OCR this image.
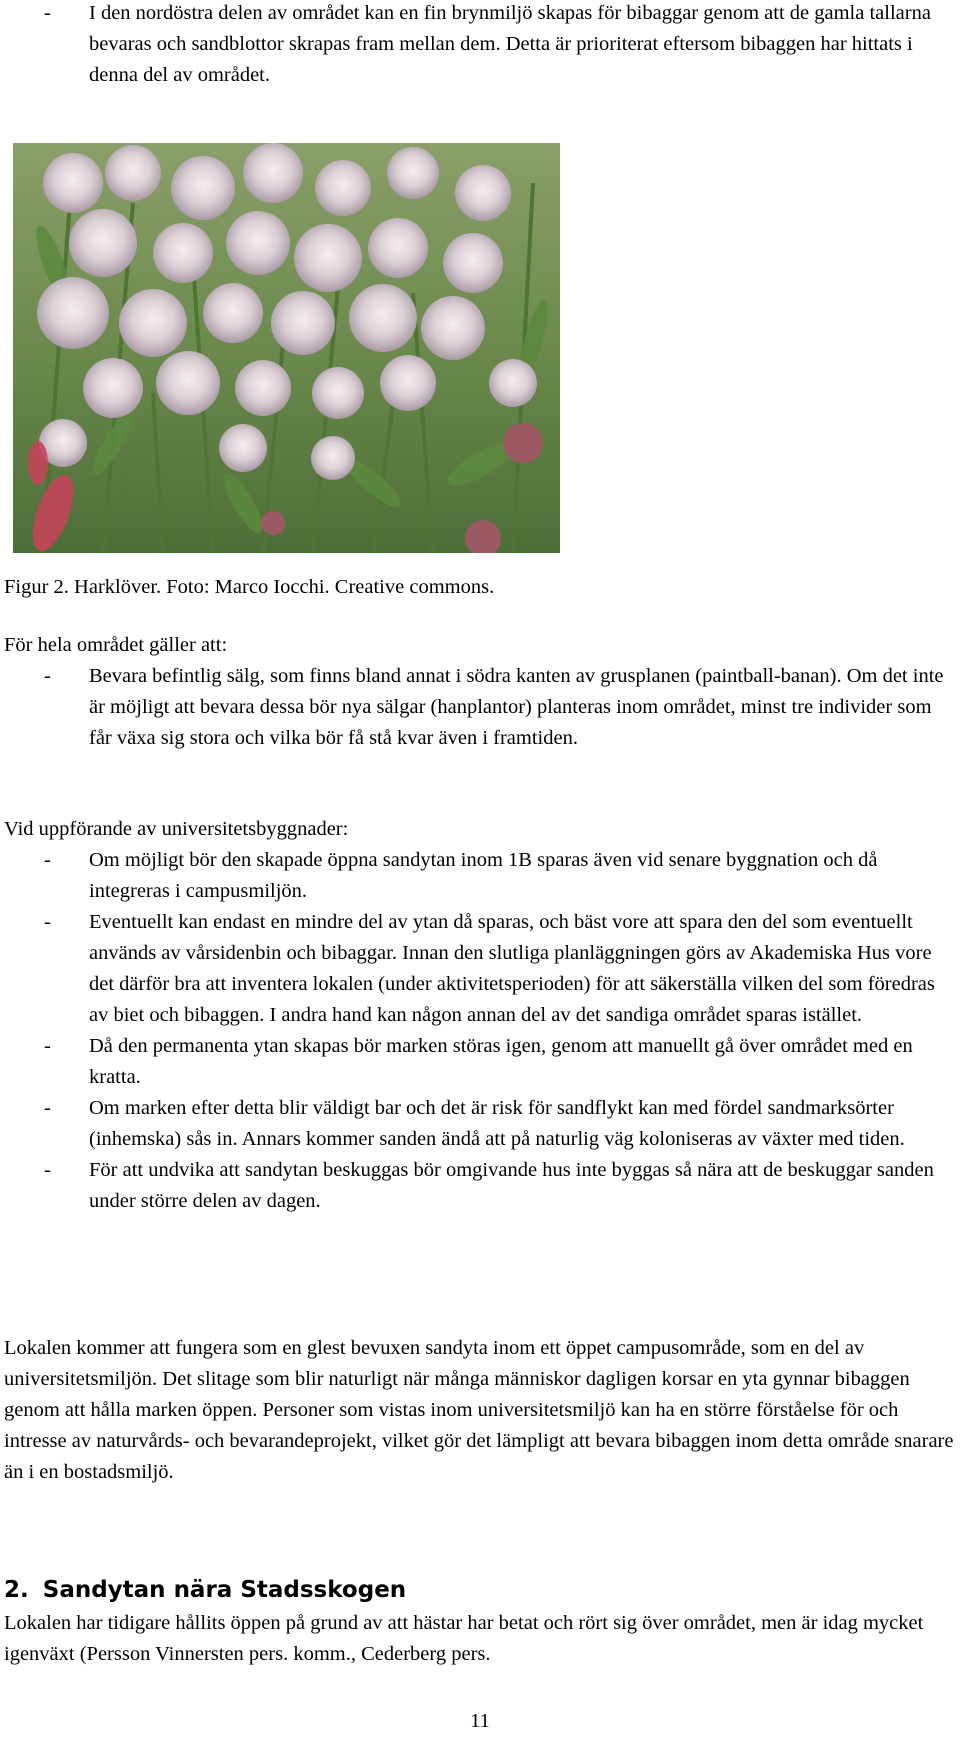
- I den nordöstra delen av området kan en fin brynmiljö skapas för bibaggar genom att de gamla tallarna bevaras och sandblottor skrapas fram mellan dem. Detta är prioriterat eftersom bibaggen har hittats i denna del av området.
Figur 2. Harklöver. Foto: Marco Iocchi. Creative commons.

För hela området gäller att:

- Bevara befintlig sälg, som finns bland annat i södra kanten av grusplanen (paintball-banan). Om det inte är möjligt att bevara dessa bör nya sälgar (hanplantor) planteras inom området, minst tre individer som får växa sig stora och vilka bör få stå kvar även i framtiden.

Vid uppförande av universitetsbyggnader:

- Om möjligt bör den skapade öppna sandytan inom 1B sparas även vid senare byggnation och då integreras i campusmiljön.
- Eventuellt kan endast en mindre del av ytan då sparas, och bäst vore att spara den del som eventuellt används av vårsidenbin och bibaggar. Innan den slutliga planläggningen görs av Akademiska Hus vore det därför bra att inventera lokalen (under aktivitetsperioden) för att säkerställa vilken del som föredras av biet och bibaggen. I andra hand kan någon annan del av det sandiga området sparas istället.
- Då den permanenta ytan skapas bör marken störas igen, genom att manuellt gå över området med en kratta.
- Om marken efter detta blir väldigt bar och det är risk för sandflykt kan med fördel sandmarksörter (inhemska) sås in. Annars kommer sanden ändå att på naturlig väg koloniseras av växter med tiden.
- För att undvika att sandytan beskuggas bör omgivande hus inte byggas så nära att de beskuggar sanden under större delen av dagen.

Lokalen kommer att fungera som en glest bevuxen sandyta inom ett öppet campusområde, som en del av universitetsmiljön. Det slitage som blir naturligt när många människor dagligen korsar en yta gynnar bibaggen genom att hålla marken öppen. Personer som vistas inom universitetsmiljö kan ha en större förståelse för och intresse av naturvårds- och bevarandeprojekt, vilket gör det lämpligt att bevara bibaggen inom detta område snarare än i en bostadsmiljö.

2. Sandytan nära Stadsskogen

Lokalen har tidigare hållits öppen på grund av att hästar har betat och rört sig över området, men är idag mycket igenväxt (Persson Vinnersten pers. komm., Cederberg pers.

11
